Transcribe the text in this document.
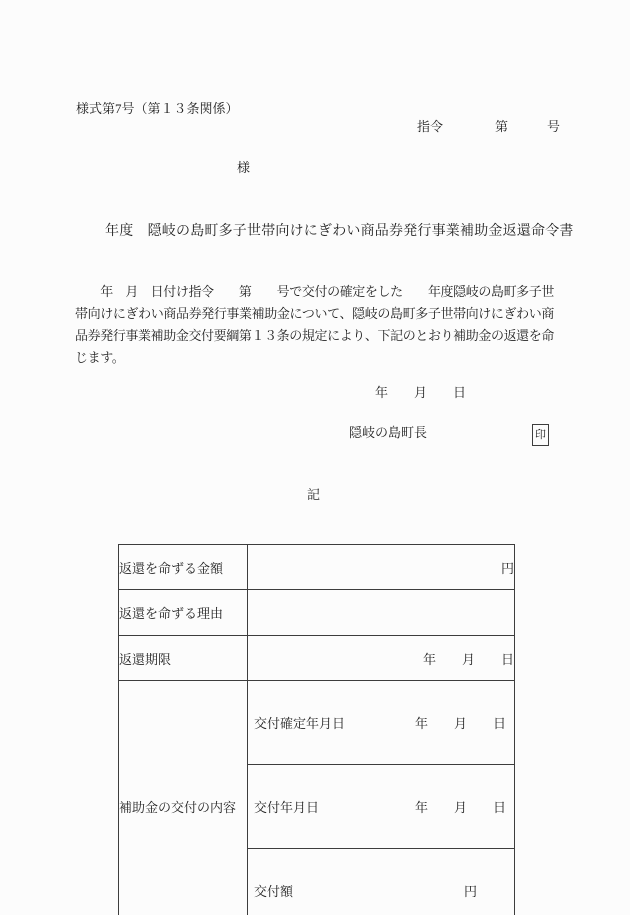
様式第7号（第１３条関係）
指令　　　　第　　　号
様
年度　隠岐の島町多子世帯向けにぎわい商品券発行事業補助金返還命令書
　　年　月　日付け指令　　第　　号で交付の確定をした　　年度隠岐の島町多子世帯向けにぎわい商品券発行事業補助金について、隠岐の島町多子世帯向けにぎわい商品券発行事業補助金交付要綱第１３条の規定により、下記のとおり補助金の返還を命じます。
年　　月　　日
隠岐の島町長	印
記
返還を命ずる金額	円
返還を命ずる理由	
返還期限	年　　月　　日
補助金の交付の内容	交付確定年月日 年　　月　　日

	交付年月日 年　　月　　日

	交付額 円
